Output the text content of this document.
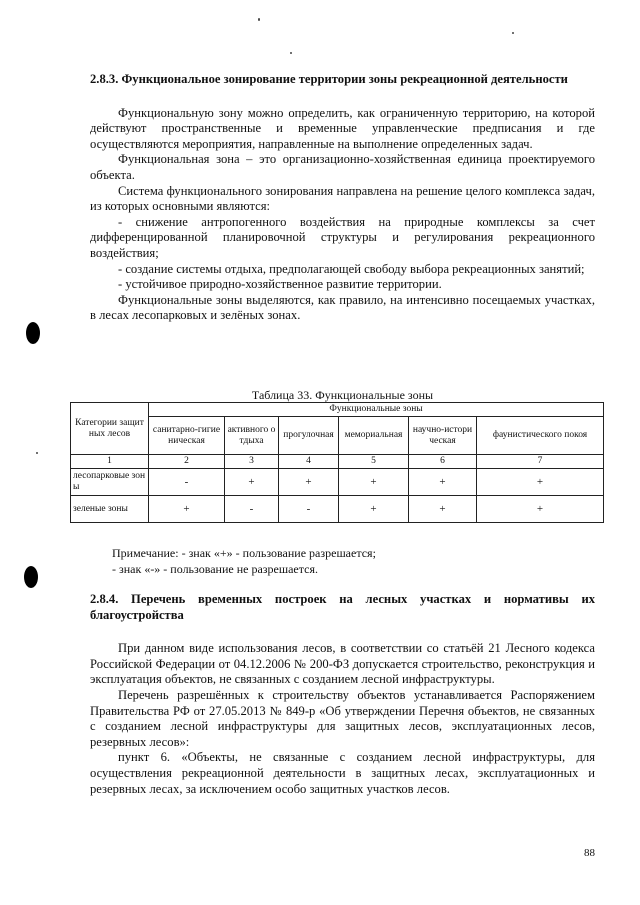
2.8.3. Функциональное зонирование территории зоны рекреационной деятельности

Функциональную зону можно определить, как ограниченную территорию, на которой действуют пространственные и временные управленческие предписания и где осуществляются мероприятия, направленные на выполнение определенных задач.

Функциональная зона – это организационно-хозяйственная единица проектируемого объекта.

Система функционального зонирования направлена на решение целого комплекса задач, из которых основными являются:

- снижение антропогенного воздействия на природные комплексы за счет дифференцированной планировочной структуры и регулирования рекреационного воздействия;

- создание системы отдыха, предполагающей свободу выбора рекреационных занятий;

- устойчивое природно-хозяйственное развитие территории.

Функциональные зоны выделяются, как правило, на интенсивно посещаемых участках, в лесах лесопарковых и зелёных зонах.

Таблица 33. Функциональные зоны
Категории защитных лесов	Функциональные зоны					
	санитарно-гигиеническая	активного отдыха	прогулочная	мемориальная	научно-историческая	фаунистического покоя
1	2	3	4	5	6	7
лесопарковые зоны	-	+	+	+	+	+
зеленые зоны	+	-	-	+	+	+

Примечание: - знак «+» - пользование разрешается;

- знак «-» - пользование не разрешается.

2.8.4. Перечень временных построек на лесных участках и нормативы их благоустройства

При данном виде использования лесов, в соответствии со статьёй 21 Лесного кодекса Российской Федерации от 04.12.2006 № 200-ФЗ допускается строительство, реконструкция и эксплуатация объектов, не связанных с созданием лесной инфраструктуры.

Перечень разрешённых к строительству объектов устанавливается Распоряжением Правительства РФ от 27.05.2013 № 849-р «Об утверждении Перечня объектов, не связанных с созданием лесной инфраструктуры для защитных лесов, эксплуатационных лесов, резервных лесов»:

пункт 6. «Объекты, не связанные с созданием лесной инфраструктуры, для осуществления рекреационной деятельности в защитных лесах, эксплуатационных и резервных лесах, за исключением особо защитных участков лесов.

88
